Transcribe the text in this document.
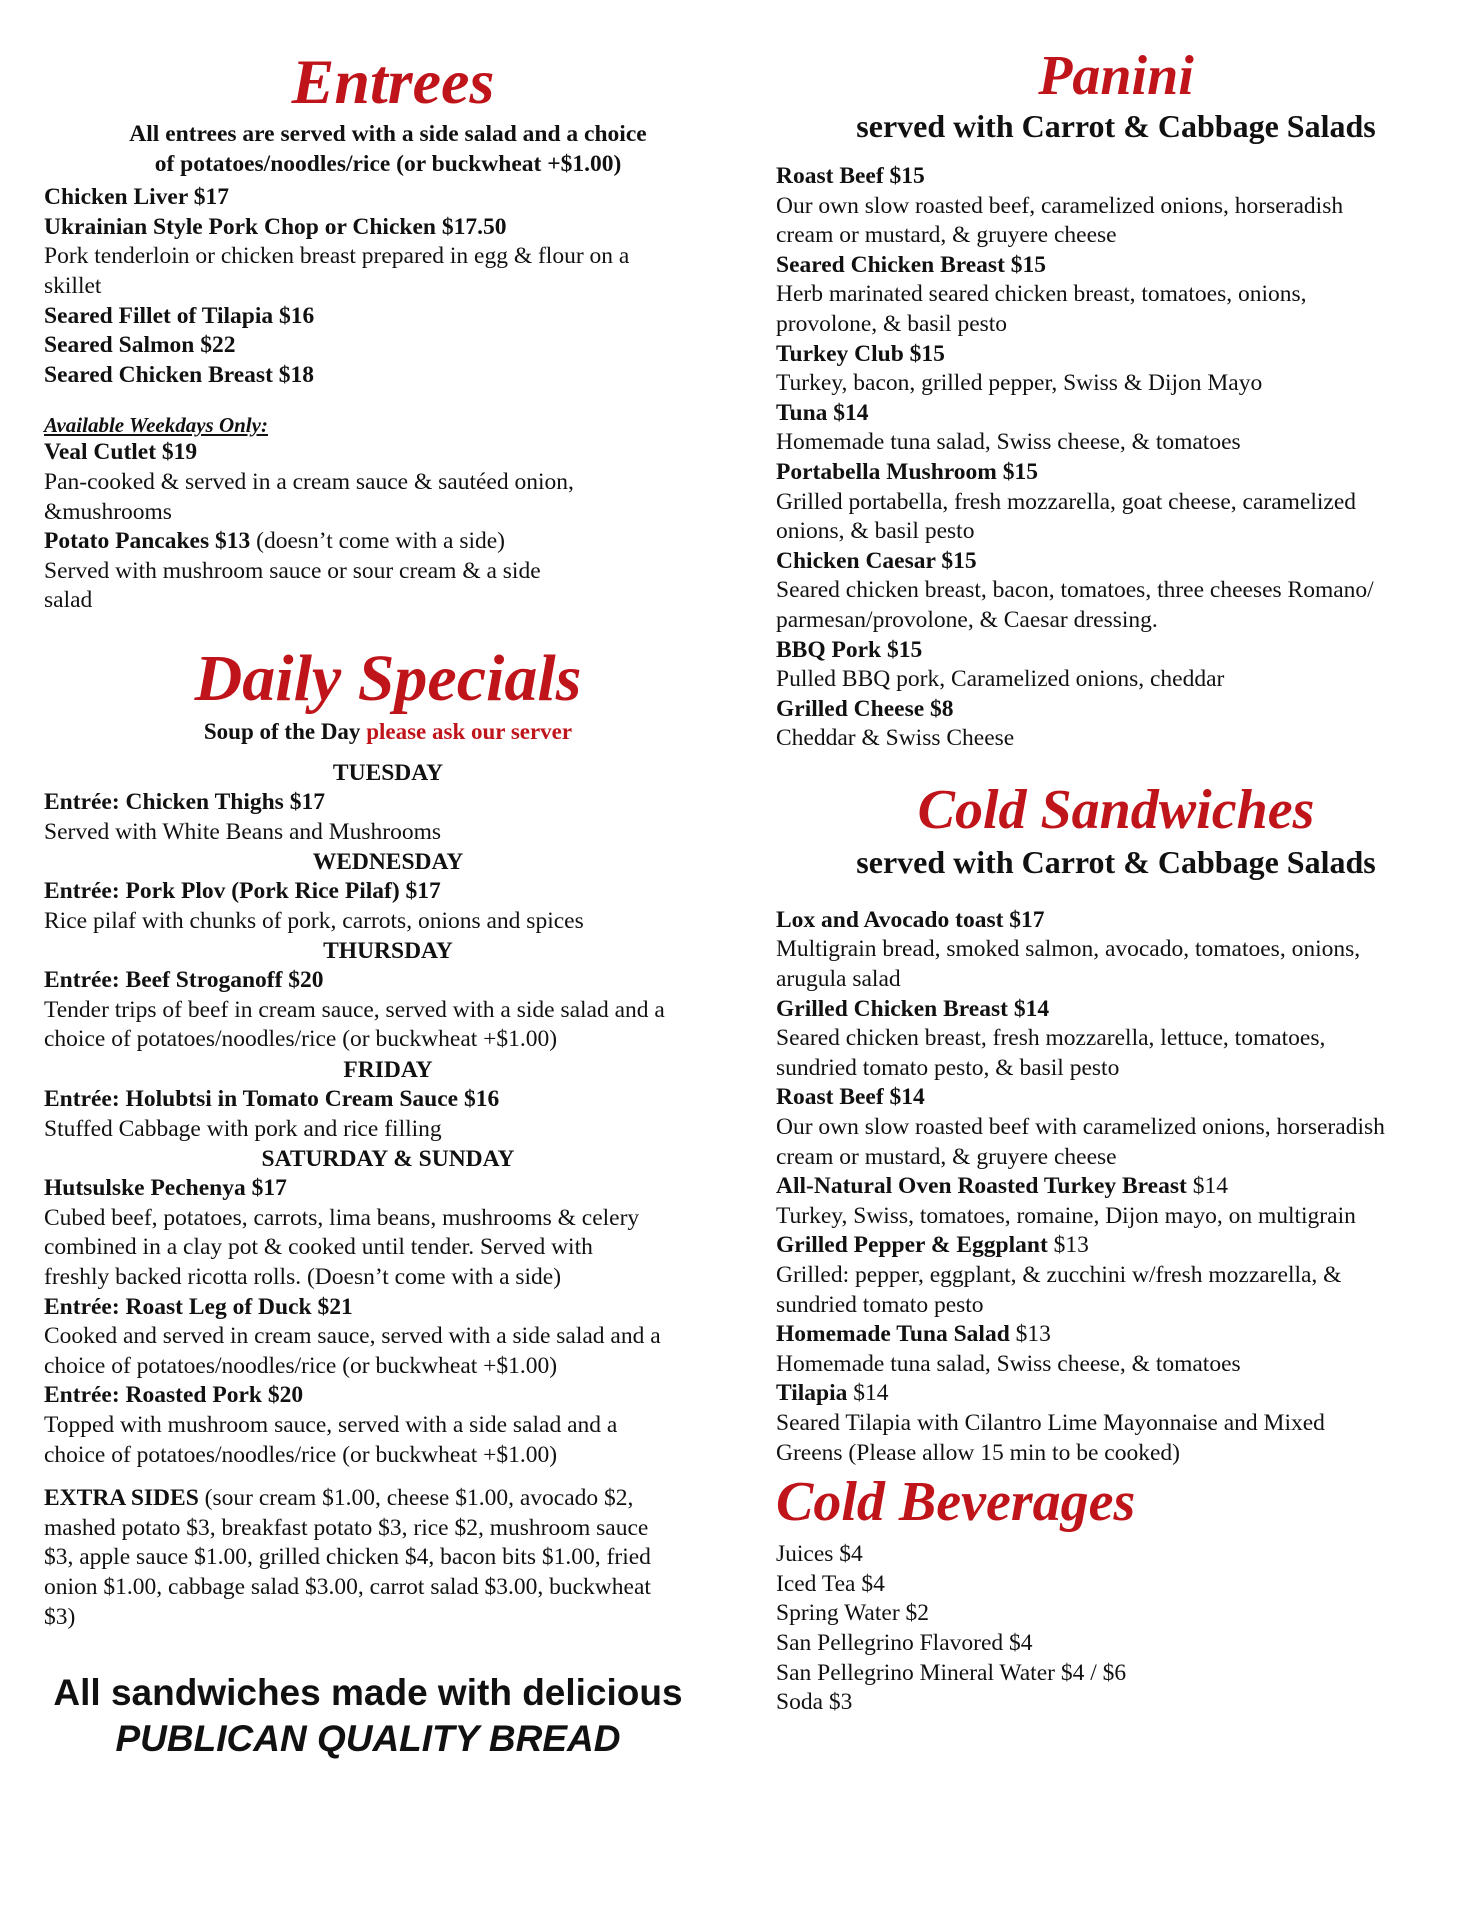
Entrees

All entrees are served with a side salad and a choice

of potatoes/noodles/rice (or buckwheat +$1.00)

Chicken Liver $17

Ukrainian Style Pork Chop or Chicken $17.50

Pork tenderloin or chicken breast prepared in egg & flour on a

skillet

Seared Fillet of Tilapia $16

Seared Salmon $22

Seared Chicken Breast $18

Available Weekdays Only:

Veal Cutlet $19

Pan-cooked & served in a cream sauce & sautéed onion,

&mushrooms

Potato Pancakes $13 (doesn’t come with a side)

Served with mushroom sauce or sour cream & a side

salad

Daily Specials

Soup of the Day please ask our server

TUESDAY

Entrée: Chicken Thighs $17

Served with White Beans and Mushrooms

WEDNESDAY

Entrée: Pork Plov (Pork Rice Pilaf) $17

Rice pilaf with chunks of pork, carrots, onions and spices

THURSDAY

Entrée: Beef Stroganoff $20

Tender trips of beef in cream sauce, served with a side salad and a

choice of potatoes/noodles/rice (or buckwheat +$1.00)

FRIDAY

Entrée: Holubtsi in Tomato Cream Sauce $16

Stuffed Cabbage with pork and rice filling

SATURDAY & SUNDAY

Hutsulske Pechenya $17

Cubed beef, potatoes, carrots, lima beans, mushrooms & celery

combined in a clay pot & cooked until tender. Served with

freshly backed ricotta rolls. (Doesn’t come with a side)

Entrée: Roast Leg of Duck $21

Cooked and served in cream sauce, served with a side salad and a

choice of potatoes/noodles/rice (or buckwheat +$1.00)

Entrée: Roasted Pork $20

Topped with mushroom sauce, served with a side salad and a

choice of potatoes/noodles/rice (or buckwheat +$1.00)

EXTRA SIDES (sour cream $1.00, cheese $1.00, avocado $2,

mashed potato $3, breakfast potato $3, rice $2, mushroom sauce

$3, apple sauce $1.00, grilled chicken $4, bacon bits $1.00, fried

onion $1.00, cabbage salad $3.00, carrot salad $3.00, buckwheat

$3)

All sandwiches made with delicious

PUBLICAN QUALITY BREAD

Panini

served with Carrot & Cabbage Salads

Roast Beef $15

Our own slow roasted beef, caramelized onions, horseradish

cream or mustard, & gruyere cheese

Seared Chicken Breast $15

Herb marinated seared chicken breast, tomatoes, onions,

provolone, & basil pesto

Turkey Club $15

Turkey, bacon, grilled pepper, Swiss & Dijon Mayo

Tuna $14

Homemade tuna salad, Swiss cheese, & tomatoes

Portabella Mushroom $15

Grilled portabella, fresh mozzarella, goat cheese, caramelized

onions, & basil pesto

Chicken Caesar $15

Seared chicken breast, bacon, tomatoes, three cheeses Romano/

parmesan/provolone, & Caesar dressing.

BBQ Pork $15

Pulled BBQ pork, Caramelized onions, cheddar

Grilled Cheese $8

Cheddar & Swiss Cheese

Cold Sandwiches

served with Carrot & Cabbage Salads

Lox and Avocado toast $17

Multigrain bread, smoked salmon, avocado, tomatoes, onions,

arugula salad

Grilled Chicken Breast $14

Seared chicken breast, fresh mozzarella, lettuce, tomatoes,

sundried tomato pesto, & basil pesto

Roast Beef $14

Our own slow roasted beef with caramelized onions, horseradish

cream or mustard, & gruyere cheese

All-Natural Oven Roasted Turkey Breast $14

Turkey, Swiss, tomatoes, romaine, Dijon mayo, on multigrain

Grilled Pepper & Eggplant $13

Grilled: pepper, eggplant, & zucchini w/fresh mozzarella, &

sundried tomato pesto

Homemade Tuna Salad $13

Homemade tuna salad, Swiss cheese, & tomatoes

Tilapia $14

Seared Tilapia with Cilantro Lime Mayonnaise and Mixed

Greens (Please allow 15 min to be cooked)

Cold Beverages

Juices $4

Iced Tea $4

Spring Water $2

San Pellegrino Flavored $4

San Pellegrino Mineral Water $4 / $6

Soda $3
